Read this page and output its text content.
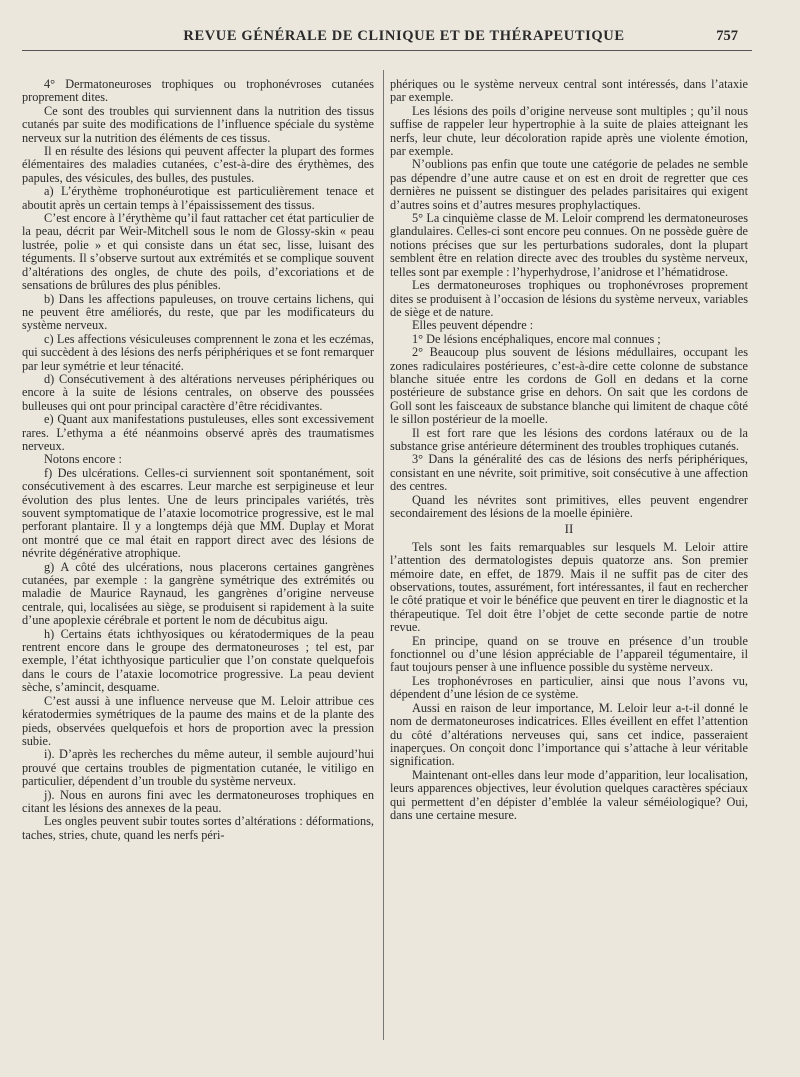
REVUE GÉNÉRALE DE CLINIQUE ET DE THÉRAPEUTIQUE	757

4° Dermatoneuroses trophiques ou trophonévroses cutanées proprement dites.

Ce sont des troubles qui surviennent dans la nutrition des tissus cutanés par suite des modifications de l’influence spéciale du système nerveux sur la nutrition des éléments de ces tissus.

Il en résulte des lésions qui peuvent affecter la plupart des formes élémentaires des maladies cutanées, c’est-à-dire des érythèmes, des papules, des vésicules, des bulles, des pustules.

a) L’érythème trophonéurotique est particulièrement tenace et aboutit après un certain temps à l’épaississement des tissus.

C’est encore à l’érythème qu’il faut rattacher cet état particulier de la peau, décrit par Weir-Mitchell sous le nom de Glossy-skin « peau lustrée, polie » et qui consiste dans un état sec, lisse, luisant des téguments. Il s’observe surtout aux extrémités et se complique souvent d’altérations des ongles, de chute des poils, d’excoriations et de sensations de brûlures des plus pénibles.

b) Dans les affections papuleuses, on trouve certains lichens, qui ne peuvent être améliorés, du reste, que par les modificateurs du système nerveux.

c) Les affections vésiculeuses comprennent le zona et les eczémas, qui succèdent à des lésions des nerfs périphériques et se font remarquer par leur symétrie et leur ténacité.

d) Consécutivement à des altérations nerveuses périphériques ou encore à la suite de lésions centrales, on observe des poussées bulleuses qui ont pour principal caractère d’être récidivantes.

e) Quant aux manifestations pustuleuses, elles sont excessivement rares. L’ethyma a été néanmoins observé après des traumatismes nerveux.

Notons encore :

f) Des ulcérations. Celles-ci surviennent soit spontanément, soit consécutivement à des escarres. Leur marche est serpigineuse et leur évolution des plus lentes. Une de leurs principales variétés, très souvent symptomatique de l’ataxie locomotrice progressive, est le mal perforant plantaire. Il y a longtemps déjà que MM. Duplay et Morat ont montré que ce mal était en rapport direct avec des lésions de névrite dégénérative atrophique.

g) A côté des ulcérations, nous placerons certaines gangrènes cutanées, par exemple : la gangrène symétrique des extrémités ou maladie de Maurice Raynaud, les gangrènes d’origine nerveuse centrale, qui, localisées au siège, se produisent si rapidement à la suite d’une apoplexie cérébrale et portent le nom de décubitus aigu.

h) Certains états ichthyosiques ou kératodermiques de la peau rentrent encore dans le groupe des dermatoneuroses ; tel est, par exemple, l’état ichthyosique particulier que l’on constate quelquefois dans le cours de l’ataxie locomotrice progressive. La peau devient sèche, s’amincit, desquame.

C’est aussi à une influence nerveuse que M. Leloir attribue ces kératodermies symétriques de la paume des mains et de la plante des pieds, observées quelquefois et hors de proportion avec la pression subie.

i). D’après les recherches du même auteur, il semble aujourd’hui prouvé que certains troubles de pigmentation cutanée, le vitiligo en particulier, dépendent d’un trouble du système nerveux.

j). Nous en aurons fini avec les dermatoneuroses trophiques en citant les lésions des annexes de la peau.

Les ongles peuvent subir toutes sortes d’altérations : déformations, taches, stries, chute, quand les nerfs péri-

phériques ou le système nerveux central sont intéressés, dans l’ataxie par exemple.

Les lésions des poils d’origine nerveuse sont multiples ; qu’il nous suffise de rappeler leur hypertrophie à la suite de plaies atteignant les nerfs, leur chute, leur décoloration rapide après une violente émotion, par exemple.

N’oublions pas enfin que toute une catégorie de pelades ne semble pas dépendre d’une autre cause et on est en droit de regretter que ces dernières ne puissent se distinguer des pelades parisitaires qui exigent d’autres soins et d’autres mesures prophylactiques.

5° La cinquième classe de M. Leloir comprend les dermatoneuroses glandulaires. Celles-ci sont encore peu connues. On ne possède guère de notions précises que sur les perturbations sudorales, dont la plupart semblent être en relation directe avec des troubles du système nerveux, telles sont par exemple : l’hyperhydrose, l’anidrose et l’hématidrose.

Les dermatoneuroses trophiques ou trophonévroses proprement dites se produisent à l’occasion de lésions du système nerveux, variables de siège et de nature.

Elles peuvent dépendre :

1° De lésions encéphaliques, encore mal connues ;

2° Beaucoup plus souvent de lésions médullaires, occupant les zones radiculaires postérieures, c’est-à-dire cette colonne de substance blanche située entre les cordons de Goll en dedans et la corne postérieure de substance grise en dehors. On sait que les cordons de Goll sont les faisceaux de substance blanche qui limitent de chaque côté le sillon postérieur de la moelle.

Il est fort rare que les lésions des cordons latéraux ou de la substance grise antérieure déterminent des troubles trophiques cutanés.

3° Dans la généralité des cas de lésions des nerfs périphériques, consistant en une névrite, soit primitive, soit consécutive à une affection des centres.

Quand les névrites sont primitives, elles peuvent engendrer secondairement des lésions de la moelle épinière.

II

Tels sont les faits remarquables sur lesquels M. Leloir attire l’attention des dermatologistes depuis quatorze ans. Son premier mémoire date, en effet, de 1879. Mais il ne suffit pas de citer des observations, toutes, assurément, fort intéressantes, il faut en rechercher le côté pratique et voir le bénéfice que peuvent en tirer le diagnostic et la thérapeutique. Tel doit être l’objet de cette seconde partie de notre revue.

En principe, quand on se trouve en présence d’un trouble fonctionnel ou d’une lésion appréciable de l’appareil tégumentaire, il faut toujours penser à une influence possible du système nerveux.

Les trophonévroses en particulier, ainsi que nous l’avons vu, dépendent d’une lésion de ce système.

Aussi en raison de leur importance, M. Leloir leur a-t-il donné le nom de dermatoneuroses indicatrices. Elles éveillent en effet l’attention du côté d’altérations nerveuses qui, sans cet indice, passeraient inaperçues. On conçoit donc l’importance qui s’attache à leur véritable signification.

Maintenant ont-elles dans leur mode d’apparition, leur localisation, leurs apparences objectives, leur évolution quelques caractères spéciaux qui permettent d’en dépister d’emblée la valeur séméiologique? Oui, dans une certaine mesure.
